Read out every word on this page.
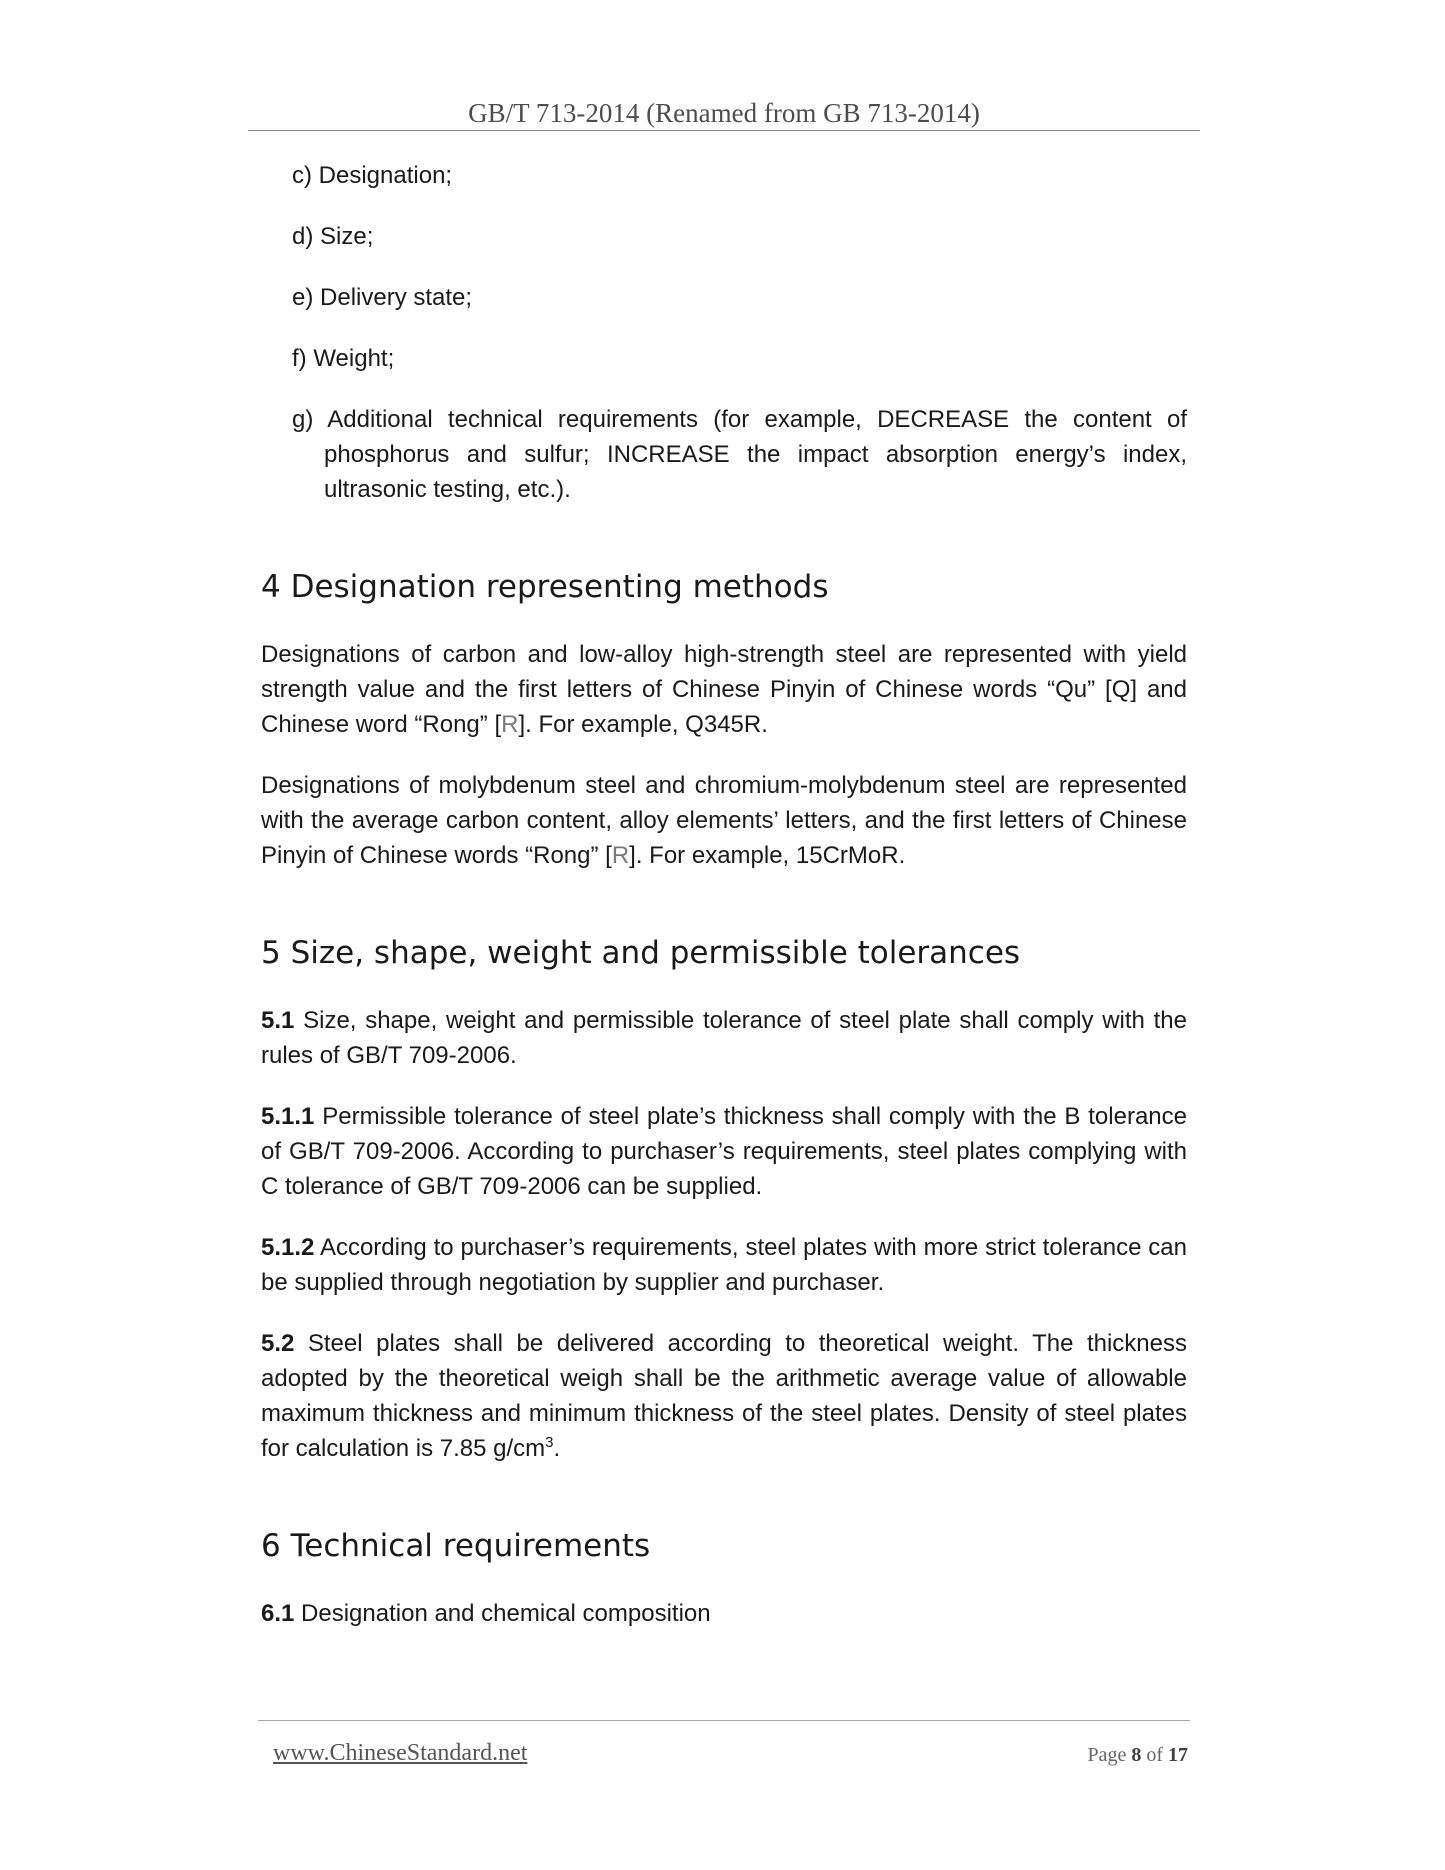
GB/T 713-2014 (Renamed from GB 713-2014)
c) Designation;
d) Size;
e) Delivery state;
f) Weight;
g) Additional technical requirements (for example, DECREASE the content of phosphorus and sulfur; INCREASE the impact absorption energy’s index, ultrasonic testing, etc.).
4 Designation representing methods

Designations of carbon and low-alloy high-strength steel are represented with yield strength value and the first letters of Chinese Pinyin of Chinese words “Qu” [Q] and Chinese word “Rong” [R]. For example, Q345R.

Designations of molybdenum steel and chromium-molybdenum steel are represented with the average carbon content, alloy elements’ letters, and the first letters of Chinese Pinyin of Chinese words “Rong” [R]. For example, 15CrMoR.

5 Size, shape, weight and permissible tolerances

5.1 Size, shape, weight and permissible tolerance of steel plate shall comply with the rules of GB/T 709-2006.

5.1.1 Permissible tolerance of steel plate’s thickness shall comply with the B tolerance of GB/T 709-2006. According to purchaser’s requirements, steel plates complying with C tolerance of GB/T 709-2006 can be supplied.

5.1.2 According to purchaser’s requirements, steel plates with more strict tolerance can be supplied through negotiation by supplier and purchaser.

5.2 Steel plates shall be delivered according to theoretical weight. The thickness adopted by the theoretical weigh shall be the arithmetic average value of allowable maximum thickness and minimum thickness of the steel plates. Density of steel plates for calculation is 7.85 $g/cm^3$.

6 Technical requirements

6.1 Designation and chemical composition

www.ChineseStandard.net	Page 8 of 17
